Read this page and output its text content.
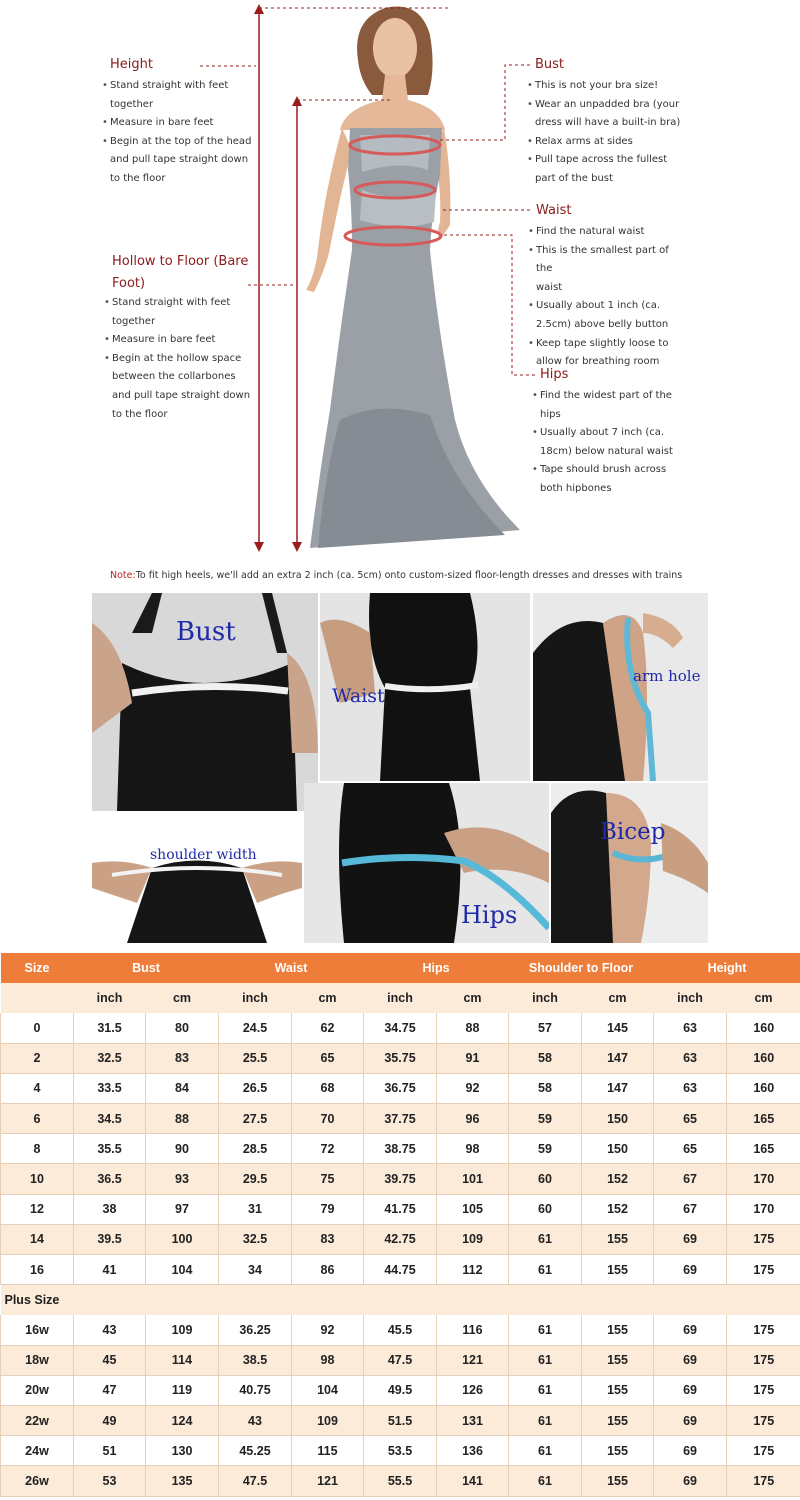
Height
• Stand straight with feet
together
• Measure in bare feet
• Begin at the top of the head
and pull tape straight down
to the floor
Hollow to Floor (Bare
Foot)
• Stand straight with feet
together
• Measure in bare feet
• Begin at the hollow space
between the collarbones
and pull tape straight down
to the floor
Bust
• This is not your bra size!
• Wear an unpadded bra (your
dress will have a built-in bra)
• Relax arms at sides
• Pull tape across the fullest
part of the bust
Waist
• Find the natural waist
• This is the smallest part of the
waist
• Usually about 1 inch (ca.
2.5cm) above belly button
• Keep tape slightly loose to
allow for breathing room
Hips
• Find the widest part of the
hips
• Usually about 7 inch (ca.
18cm) below natural waist
• Tape should brush across
both hipbones
Note:To fit high heels, we'll add an extra 2 inch (ca. 5cm) onto custom-sized floor-length dresses and dresses with trains
Bust
Waist
arm hole
shoulder width
Hips
Bicep
Size	Bust		Waist		Hips		Shoulder to Floor		Height	
	inch	cm	inch	cm	inch	cm	inch	cm	inch	cm
0	31.5	80	24.5	62	34.75	88	57	145	63	160
2	32.5	83	25.5	65	35.75	91	58	147	63	160
4	33.5	84	26.5	68	36.75	92	58	147	63	160
6	34.5	88	27.5	70	37.75	96	59	150	65	165
8	35.5	90	28.5	72	38.75	98	59	150	65	165
10	36.5	93	29.5	75	39.75	101	60	152	67	170
12	38	97	31	79	41.75	105	60	152	67	170
14	39.5	100	32.5	83	42.75	109	61	155	69	175
16	41	104	34	86	44.75	112	61	155	69	175
Plus Size										
16w	43	109	36.25	92	45.5	116	61	155	69	175
18w	45	114	38.5	98	47.5	121	61	155	69	175
20w	47	119	40.75	104	49.5	126	61	155	69	175
22w	49	124	43	109	51.5	131	61	155	69	175
24w	51	130	45.25	115	53.5	136	61	155	69	175
26w	53	135	47.5	121	55.5	141	61	155	69	175
